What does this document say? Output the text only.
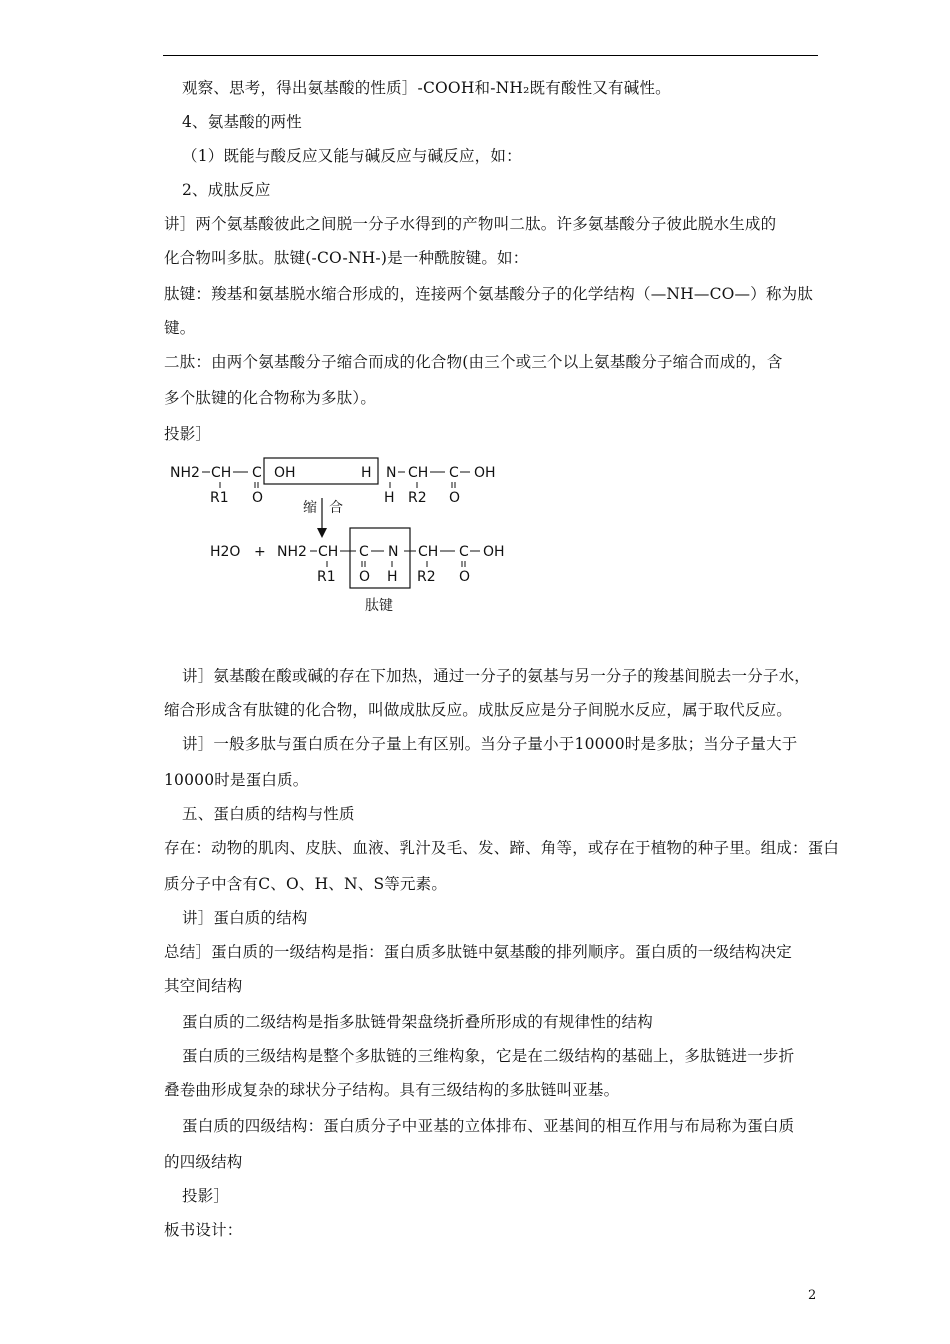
观察、思考，得出氨基酸的性质］-COOH和-NH₂既有酸性又有碱性。
4、氨基酸的两性
（1）既能与酸反应又能与碱反应与碱反应，如：
2、成肽反应
讲］两个氨基酸彼此之间脱一分子水得到的产物叫二肽。许多氨基酸分子彼此脱水生成的
化合物叫多肽。肽键(-CO-NH-)是一种酰胺键。如：
肽键：羧基和氨基脱水缩合形成的，连接两个氨基酸分子的化学结构（—NH—CO—）称为肽
键。
二肽：由两个氨基酸分子缩合而成的化合物(由三个或三个以上氨基酸分子缩合而成的，含
多个肽键的化合物称为多肽）。
投影］
NH2 CH C OH	H N CH C OH
R1 O	H R2 O
缩 合
H2O + NH2 CH C N CH C OH
R1 O H R2 O
肽键
讲］氨基酸在酸或碱的存在下加热，通过一分子的氨基与另一分子的羧基间脱去一分子水，
缩合形成含有肽键的化合物，叫做成肽反应。成肽反应是分子间脱水反应，属于取代反应。
讲］一般多肽与蛋白质在分子量上有区别。当分子量小于10000时是多肽；当分子量大于
10000时是蛋白质。
五、蛋白质的结构与性质
存在：动物的肌肉、皮肤、血液、乳汁及毛、发、蹄、角等，或存在于植物的种子里。组成：蛋白
质分子中含有C、O、H、N、S等元素。
讲］蛋白质的结构
总结］蛋白质的一级结构是指：蛋白质多肽链中氨基酸的排列顺序。蛋白质的一级结构决定
其空间结构
蛋白质的二级结构是指多肽链骨架盘绕折叠所形成的有规律性的结构
蛋白质的三级结构是整个多肽链的三维构象，它是在二级结构的基础上，多肽链进一步折
叠卷曲形成复杂的球状分子结构。具有三级结构的多肽链叫亚基。
蛋白质的四级结构：蛋白质分子中亚基的立体排布、亚基间的相互作用与布局称为蛋白质
的四级结构
投影］
板书设计：
2
